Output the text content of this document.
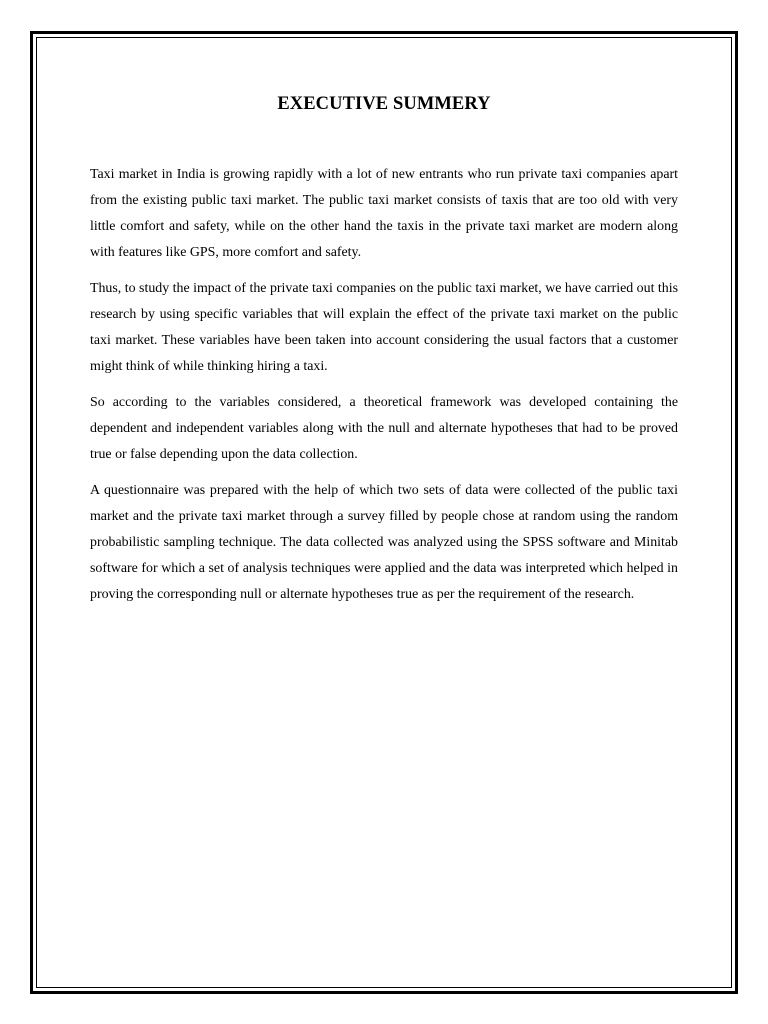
EXECUTIVE SUMMERY

Taxi market in India is growing rapidly with a lot of new entrants who run private taxi companies apart from the existing public taxi market. The public taxi market consists of taxis that are too old with very little comfort and safety, while on the other hand the taxis in the private taxi market are modern along with features like GPS, more comfort and safety.

Thus, to study the impact of the private taxi companies on the public taxi market, we have carried out this research by using specific variables that will explain the effect of the private taxi market on the public taxi market. These variables have been taken into account considering the usual factors that a customer might think of while thinking hiring a taxi.

So according to the variables considered, a theoretical framework was developed containing the dependent and independent variables along with the null and alternate hypotheses that had to be proved true or false depending upon the data collection.

A questionnaire was prepared with the help of which two sets of data were collected of the public taxi market and the private taxi market through a survey filled by people chose at random using the random probabilistic sampling technique. The data collected was analyzed using the SPSS software and Minitab software for which a set of analysis techniques were applied and the data was interpreted which helped in proving the corresponding null or alternate hypotheses true as per the requirement of the research.
